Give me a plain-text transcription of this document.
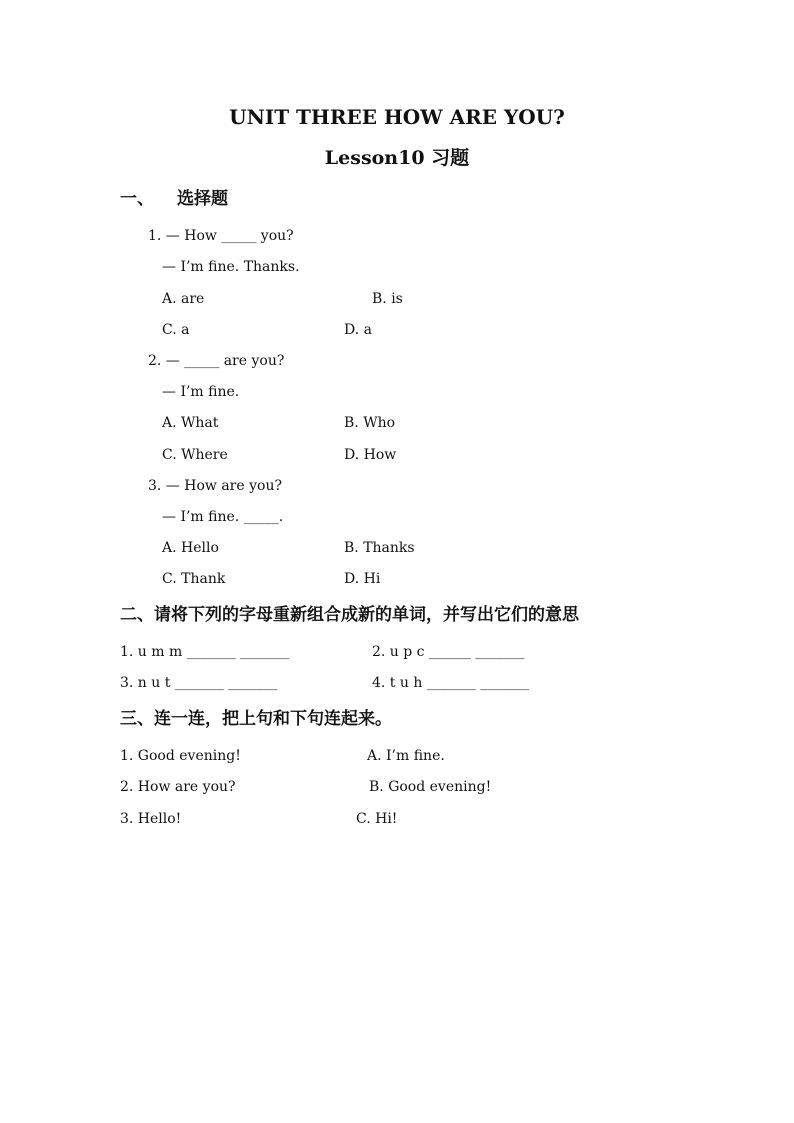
UNIT THREE HOW ARE YOU?
Lesson10 习题
一、 选择题
1. — How _____ you?
— I’m fine. Thanks.
A. are	B. is
C. a	D. a
2. — _____ are you?
— I’m fine.
A. What	B. Who
C. Where	D. How
3. — How are you?
— I’m fine. _____.
A. Hello	B. Thanks
C. Thank	D. Hi
二、请将下列的字母重新组合成新的单词，并写出它们的意思
1. u m m _______ _______	2. u p c ______ _______
3. n u t _______ _______	4. t u h _______ _______
三、连一连，把上句和下句连起来。
1. Good evening!	A. I’m fine.
2. How are you?	B. Good evening!
3. Hello!	C. Hi!
